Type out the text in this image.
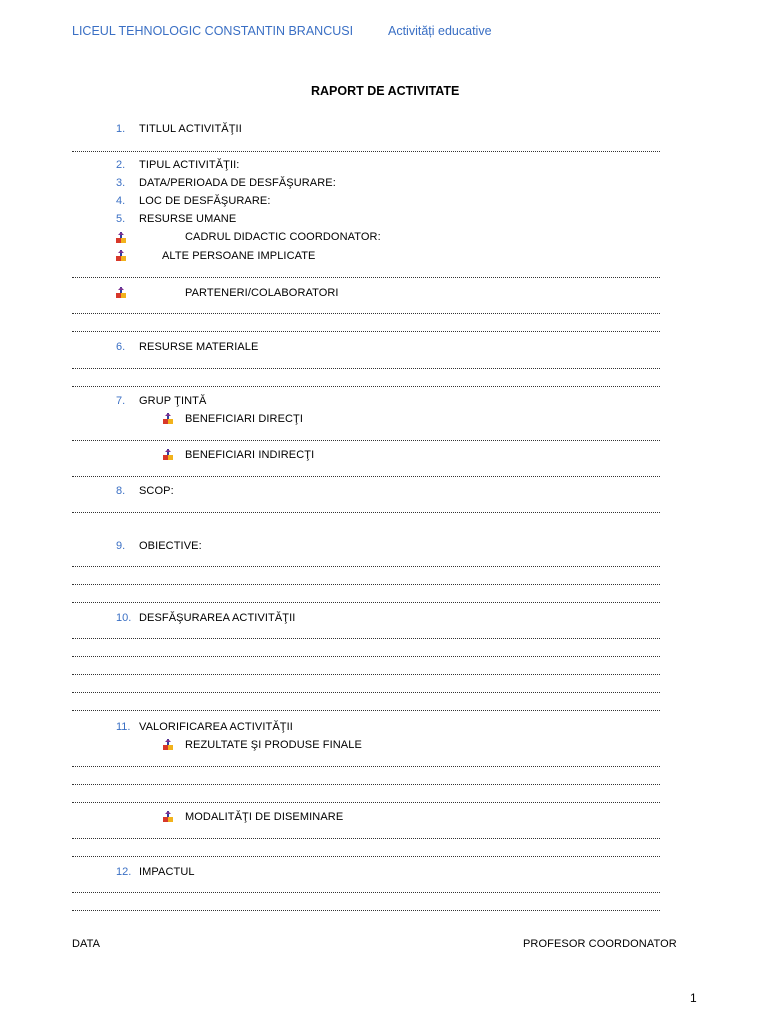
LICEUL TEHNOLOGIC CONSTANTIN BRANCUSI	Activități educative
RAPORT DE ACTIVITATE
1. TITLUL ACTIVITĂŢII
2. TIPUL ACTIVITĂŢII:
3. DATA/PERIOADA DE DESFĂŞURARE:
4. LOC DE DESFĂŞURARE:
5. RESURSE UMANE
CADRUL DIDACTIC COORDONATOR:
ALTE PERSOANE IMPLICATE
PARTENERI/COLABORATORI
6. RESURSE MATERIALE
7. GRUP ŢINTĂ
BENEFICIARI DIRECŢI
BENEFICIARI INDIRECŢI
8. SCOP:
9. OBIECTIVE:
10. DESFĂŞURAREA ACTIVITĂŢII
11. VALORIFICAREA ACTIVITĂŢII
REZULTATE ŞI PRODUSE FINALE
MODALITĂŢI DE DISEMINARE
12. IMPACTUL
DATA	PROFESOR COORDONATOR
1
